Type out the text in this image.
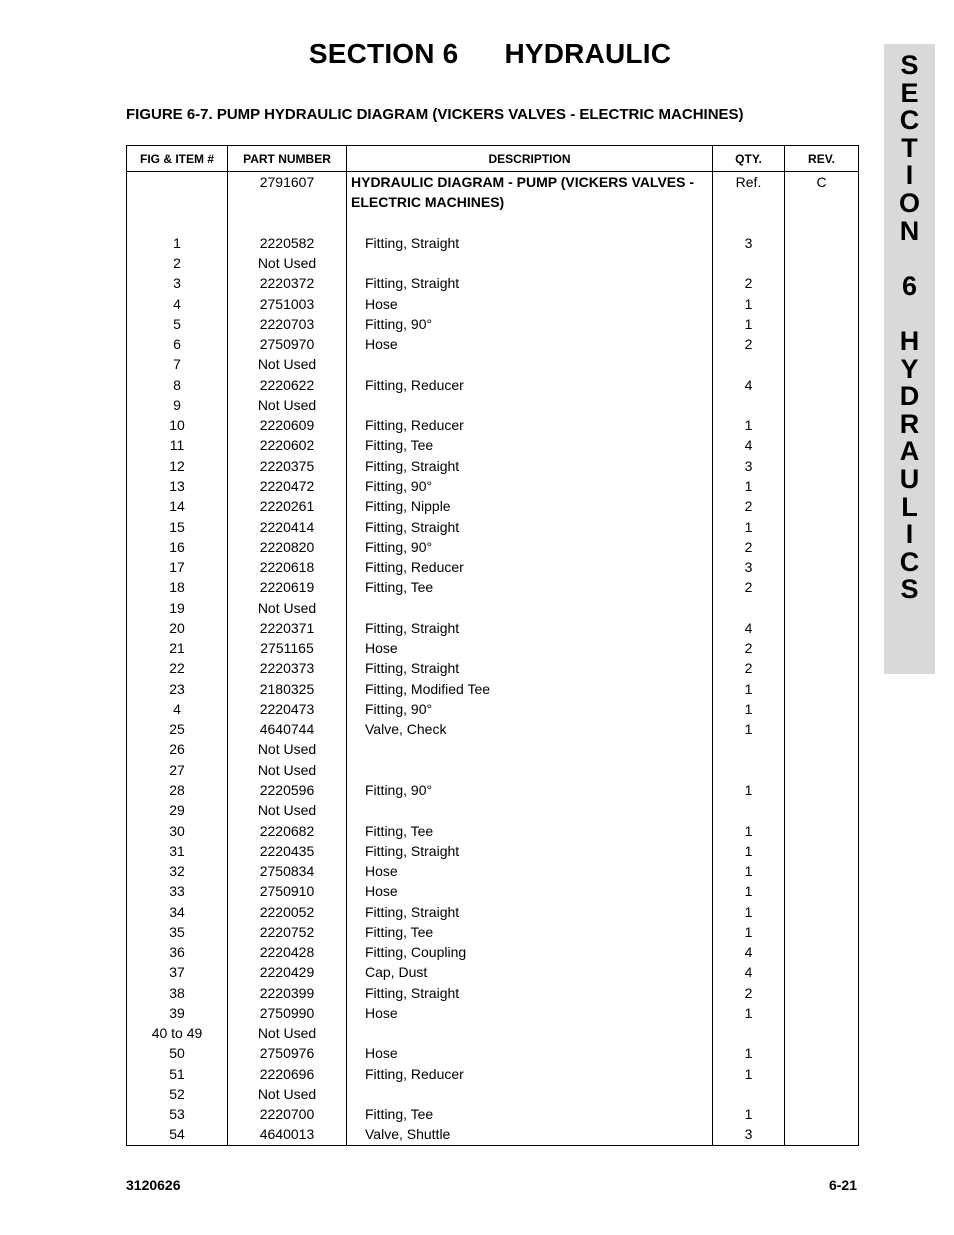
SECTION 6 HYDRAULIC
FIGURE 6-7. PUMP HYDRAULIC DIAGRAM (VICKERS VALVES - ELECTRIC MACHINES)
S
E
C
T
I
O
N
6
H
Y
D
R
A
U
L
I
C
S
FIG & ITEM #	PART NUMBER	DESCRIPTION	QTY.	REV.
	2791607	HYDRAULIC DIAGRAM - PUMP (VICKERS VALVES - ELECTRIC MACHINES)	Ref.	C

1	2220582	Fitting, Straight	3	
2	Not Used			
3	2220372	Fitting, Straight	2	
4	2751003	Hose	1	
5	2220703	Fitting, 90°	1	
6	2750970	Hose	2	
7	Not Used			
8	2220622	Fitting, Reducer	4	
9	Not Used			
10	2220609	Fitting, Reducer	1	
11	2220602	Fitting, Tee	4	
12	2220375	Fitting, Straight	3	
13	2220472	Fitting, 90°	1	
14	2220261	Fitting, Nipple	2	
15	2220414	Fitting, Straight	1	
16	2220820	Fitting, 90°	2	
17	2220618	Fitting, Reducer	3	
18	2220619	Fitting, Tee	2	
19	Not Used			
20	2220371	Fitting, Straight	4	
21	2751165	Hose	2	
22	2220373	Fitting, Straight	2	
23	2180325	Fitting, Modified Tee	1	
4	2220473	Fitting, 90°	1	
25	4640744	Valve, Check	1	
26	Not Used			
27	Not Used			
28	2220596	Fitting, 90°	1	
29	Not Used			
30	2220682	Fitting, Tee	1	
31	2220435	Fitting, Straight	1	
32	2750834	Hose	1	
33	2750910	Hose	1	
34	2220052	Fitting, Straight	1	
35	2220752	Fitting, Tee	1	
36	2220428	Fitting, Coupling	4	
37	2220429	Cap, Dust	4	
38	2220399	Fitting, Straight	2	
39	2750990	Hose	1	
40 to 49	Not Used			
50	2750976	Hose	1	
51	2220696	Fitting, Reducer	1	
52	Not Used			
53	2220700	Fitting, Tee	1	
54	4640013	Valve, Shuttle	3	
3120626	6-21
